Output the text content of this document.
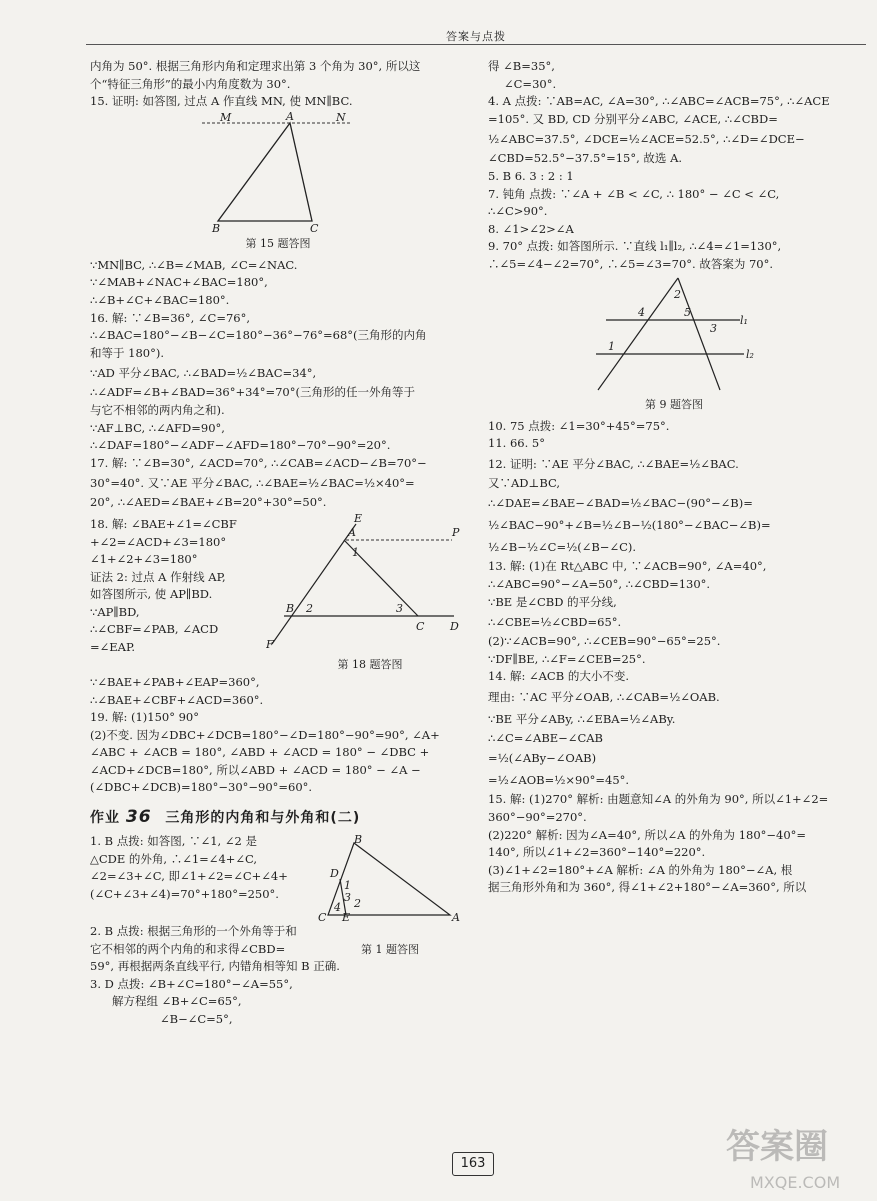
答案与点拨

内角为 50°. 根据三角形内角和定理求出第 3 个角为 30°, 所以这

个“特征三角形”的最小内角度数为 30°.

15. 证明: 如答图, 过点 A 作直线 MN, 使 MN∥BC.

M	A	N
B	C
第 15 题答图

∵MN∥BC, ∴∠B=∠MAB, ∠C=∠NAC.

∵∠MAB+∠NAC+∠BAC=180°,

∴∠B+∠C+∠BAC=180°.

16. 解: ∵∠B=36°, ∠C=76°,

∴∠BAC=180°−∠B−∠C=180°−36°−76°=68°(三角形的内角

和等于 180°).

∵AD 平分∠BAC, ∴∠BAD=½∠BAC=34°,

∴∠ADF=∠B+∠BAD=36°+34°=70°(三角形的任一外角等于

与它不相邻的两内角之和).

∵AF⊥BC, ∴∠AFD=90°,

∴∠DAF=180°−∠ADF−∠AFD=180°−70°−90°=20°.

17. 解: ∵∠B=30°, ∠ACD=70°, ∴∠CAB=∠ACD−∠B=70°−

30°=40°. 又∵AE 平分∠BAC, ∴∠BAE=½∠BAC=½×40°=

20°, ∴∠AED=∠BAE+∠B=20°+30°=50°.

18. 解: ∠BAE+∠1=∠CBF

+∠2=∠ACD+∠3=180°

∠1+∠2+∠3=180°

证法 2: 过点 A 作射线 AP,

如答图所示, 使 AP∥BD.

∵AP∥BD,

∴∠CBF=∠PAB, ∠ACD

=∠EAP.

E
A	P
1
B 2	3
C D
F
第 18 题答图

∵∠BAE+∠PAB+∠EAP=360°,

∴∠BAE+∠CBF+∠ACD=360°.

19. 解: (1)150° 90°

(2)不变. 因为∠DBC+∠DCB=180°−∠D=180°−90°=90°, ∠A+

∠ABC + ∠ACB = 180°, ∠ABD + ∠ACD = 180° − ∠DBC +

∠ACD+∠DCB=180°, 所以∠ABD + ∠ACD = 180° − ∠A −

(∠DBC+∠DCB)=180°−30°−90°=60°.

作业 36 三角形的内角和与外角和(二)

1. B 点拨: 如答图, ∵∠1, ∠2 是

△CDE 的外角, ∴∠1=∠4+∠C,

∠2=∠3+∠C, 即∠1+∠2=∠C+∠4+

(∠C+∠3+∠4)=70°+180°=250°.

B
D
1
3
4 2
C E	A

2. B 点拨: 根据三角形的一个外角等于和

它不相邻的两个内角的和求得∠CBD=	第 1 题答图

59°, 再根据两条直线平行, 内错角相等知 B 正确.

3. D 点拨: ∠B+∠C=180°−∠A=55°,

解方程组 ∠B+∠C=65°,

∠B−∠C=5°,

得 ∠B=35°,

∠C=30°.

4. A 点拨: ∵AB=AC, ∠A=30°, ∴∠ABC=∠ACB=75°, ∴∠ACE

=105°. 又 BD, CD 分别平分∠ABC, ∠ACE, ∴∠CBD=

½∠ABC=37.5°, ∠DCE=½∠ACE=52.5°, ∴∠D=∠DCE−

∠CBD=52.5°−37.5°=15°, 故选 A.

5. B 6. 3 : 2 : 1

7. 钝角 点拨: ∵∠A + ∠B < ∠C, ∴ 180° − ∠C < ∠C,

∴∠C>90°.

8. ∠1>∠2>∠A

9. 70° 点拨: 如答图所示. ∵直线 l₁∥l₂, ∴∠4=∠1=130°,

∴∠5=∠4−∠2=70°, ∴∠5=∠3=70°. 故答案为 70°.

2
4	5
3
l₁
1
l₂
第 9 题答图

10. 75 点拨: ∠1=30°+45°=75°.

11. 66. 5°

12. 证明: ∵AE 平分∠BAC, ∴∠BAE=½∠BAC.

又∵AD⊥BC,

∴∠DAE=∠BAE−∠BAD=½∠BAC−(90°−∠B)=

½∠BAC−90°+∠B=½∠B−½(180°−∠BAC−∠B)=

½∠B−½∠C=½(∠B−∠C).

13. 解: (1)在 Rt△ABC 中, ∵∠ACB=90°, ∠A=40°,

∴∠ABC=90°−∠A=50°, ∴∠CBD=130°.

∵BE 是∠CBD 的平分线,

∴∠CBE=½∠CBD=65°.

(2)∵∠ACB=90°, ∴∠CEB=90°−65°=25°.

∵DF∥BE, ∴∠F=∠CEB=25°.

14. 解: ∠ACB 的大小不变.

理由: ∵AC 平分∠OAB, ∴∠CAB=½∠OAB.

∵BE 平分∠ABy, ∴∠EBA=½∠ABy.

∴∠C=∠ABE−∠CAB

=½(∠ABy−∠OAB)

=½∠AOB=½×90°=45°.

15. 解: (1)270° 解析: 由题意知∠A 的外角为 90°, 所以∠1+∠2=

360°−90°=270°.

(2)220° 解析: 因为∠A=40°, 所以∠A 的外角为 180°−40°=

140°, 所以∠1+∠2=360°−140°=220°.

(3)∠1+∠2=180°+∠A 解析: ∠A 的外角为 180°−∠A, 根

据三角形外角和为 360°, 得∠1+∠2+180°−∠A=360°, 所以

163	答案圈
MXQE.COM
